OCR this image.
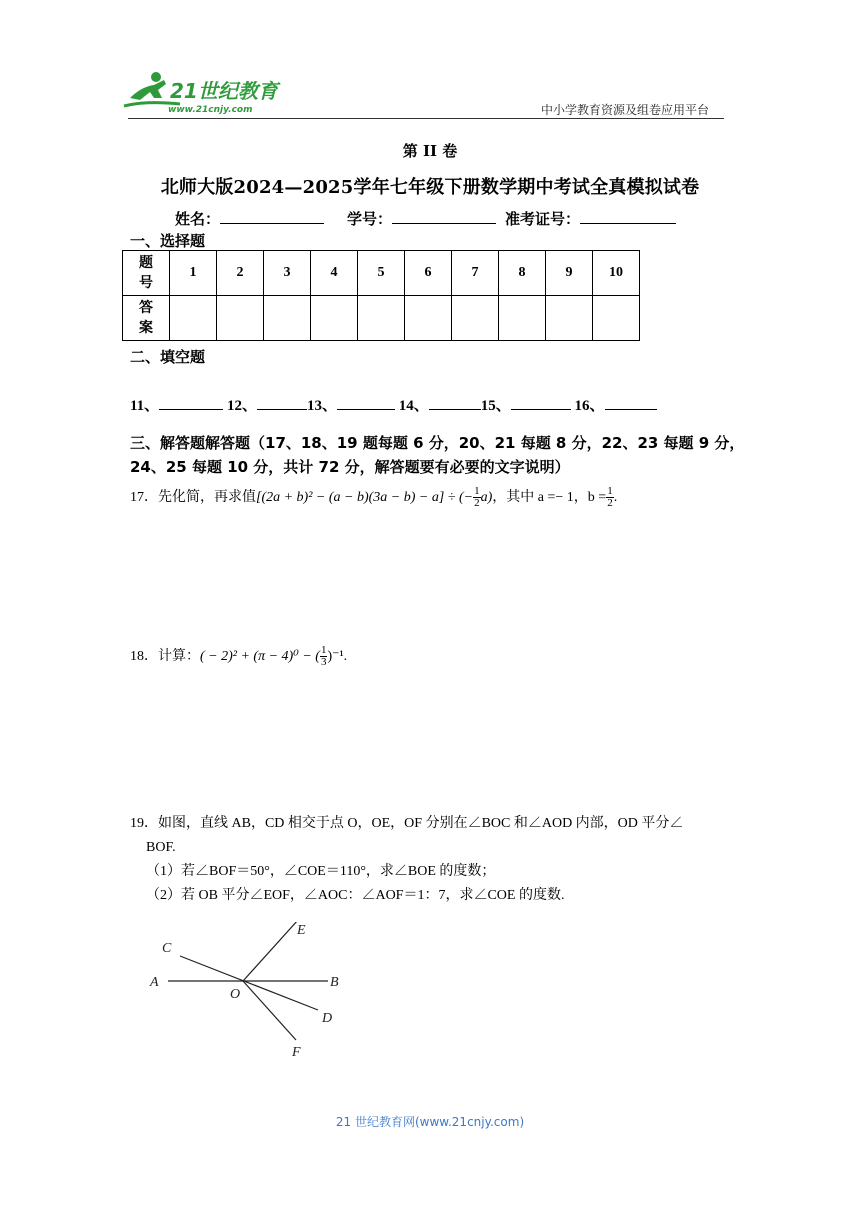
21世纪教育
www.21cnjy.com	中小学教育资源及组卷应用平台
第 II 卷
北师大版2024—2025学年七年级下册数学期中考试全真模拟试卷
姓名：	学号：	准考证号：
一、选择题
题
号	1	2	3	4	5	6	7	8	9	10
答
案										
二、填空题
11、	12、	13、	14、	15、	16、
三、解答题解答题（17、18、19 题每题 6 分，20、21 每题 8 分，22、23 每题 9 分，24、25 每题 10 分，共计 72 分，解答题要有必要的文字说明）
17．先化简，再求值[(2a + b)² − (a − b)(3a − b) − a] ÷ (− $\frac{1}{2} a$)，其中 a =− 1，$b = \frac{1}{2}$ .
18．计算：( − 2)² + (π − 4)⁰ − ( $\frac{1}{3} )^{-1}$.
19．如图，直线 AB，CD 相交于点 O，OE，OF 分别在∠BOC 和∠AOD 内部，OD 平分∠
BOF.
（1）若∠BOF＝50°，∠COE＝110°，求∠BOE 的度数；
（2）若 OB 平分∠EOF，∠AOC：∠AOF＝1：7，求∠COE 的度数.
A	B
C
D
E
F
O
21 世纪教育网(www.21cnjy.com)
